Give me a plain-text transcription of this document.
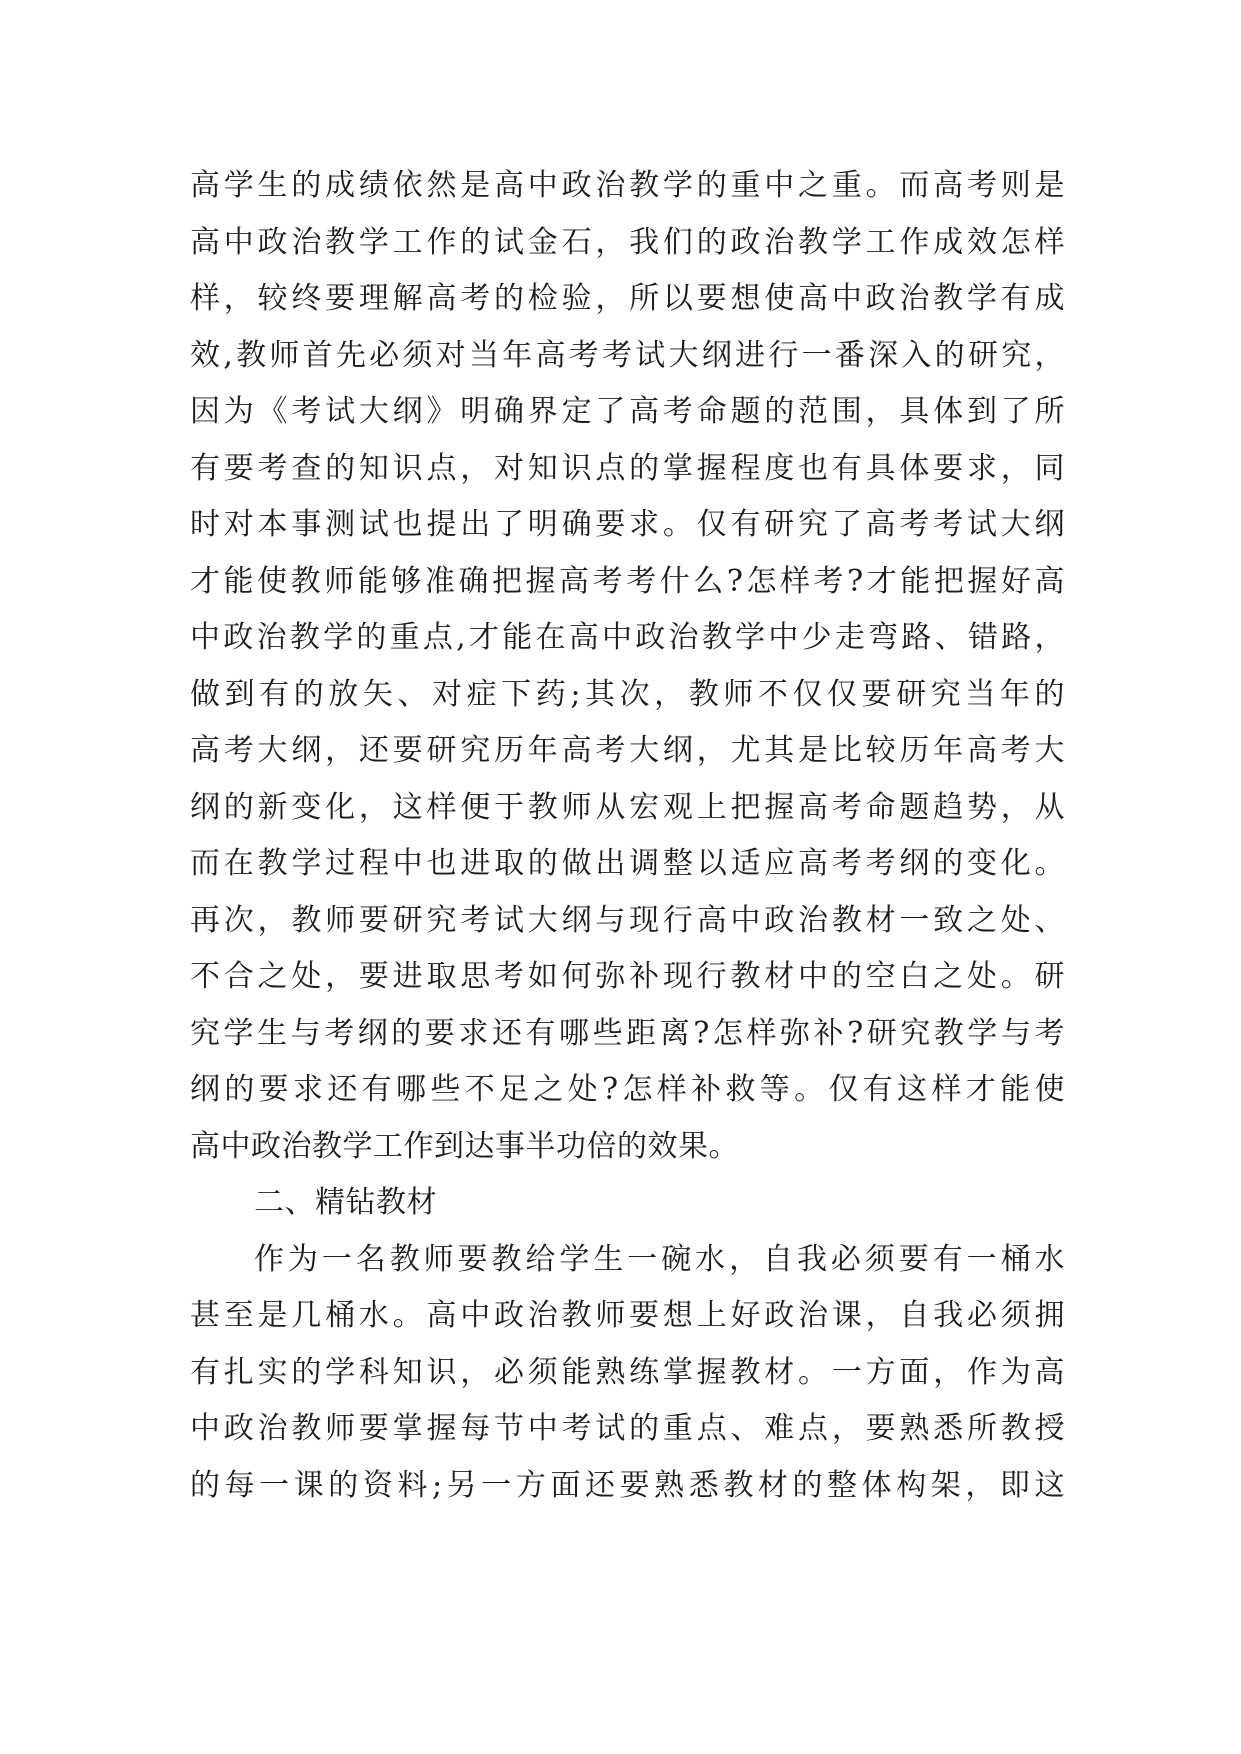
高学生的成绩依然是高中政治教学的重中之重。而高考则是
高中政治教学工作的试金石，我们的政治教学工作成效怎样
样，较终要理解高考的检验，所以要想使高中政治教学有成
效,教师首先必须对当年高考考试大纲进行一番深入的研究，
因为《考试大纲》明确界定了高考命题的范围，具体到了所
有要考查的知识点，对知识点的掌握程度也有具体要求，同
时对本事测试也提出了明确要求。仅有研究了高考考试大纲
才能使教师能够准确把握高考考什么?怎样考?才能把握好高
中政治教学的重点,才能在高中政治教学中少走弯路、错路，
做到有的放矢、对症下药;其次，教师不仅仅要研究当年的
高考大纲，还要研究历年高考大纲，尤其是比较历年高考大
纲的新变化，这样便于教师从宏观上把握高考命题趋势，从
而在教学过程中也进取的做出调整以适应高考考纲的变化。
再次，教师要研究考试大纲与现行高中政治教材一致之处、
不合之处，要进取思考如何弥补现行教材中的空白之处。研
究学生与考纲的要求还有哪些距离?怎样弥补?研究教学与考
纲的要求还有哪些不足之处?怎样补救等。仅有这样才能使
高中政治教学工作到达事半功倍的效果。
二、精钻教材
作为一名教师要教给学生一碗水，自我必须要有一桶水
甚至是几桶水。高中政治教师要想上好政治课，自我必须拥
有扎实的学科知识，必须能熟练掌握教材。一方面，作为高
中政治教师要掌握每节中考试的重点、难点，要熟悉所教授
的每一课的资料;另一方面还要熟悉教材的整体构架，即这
